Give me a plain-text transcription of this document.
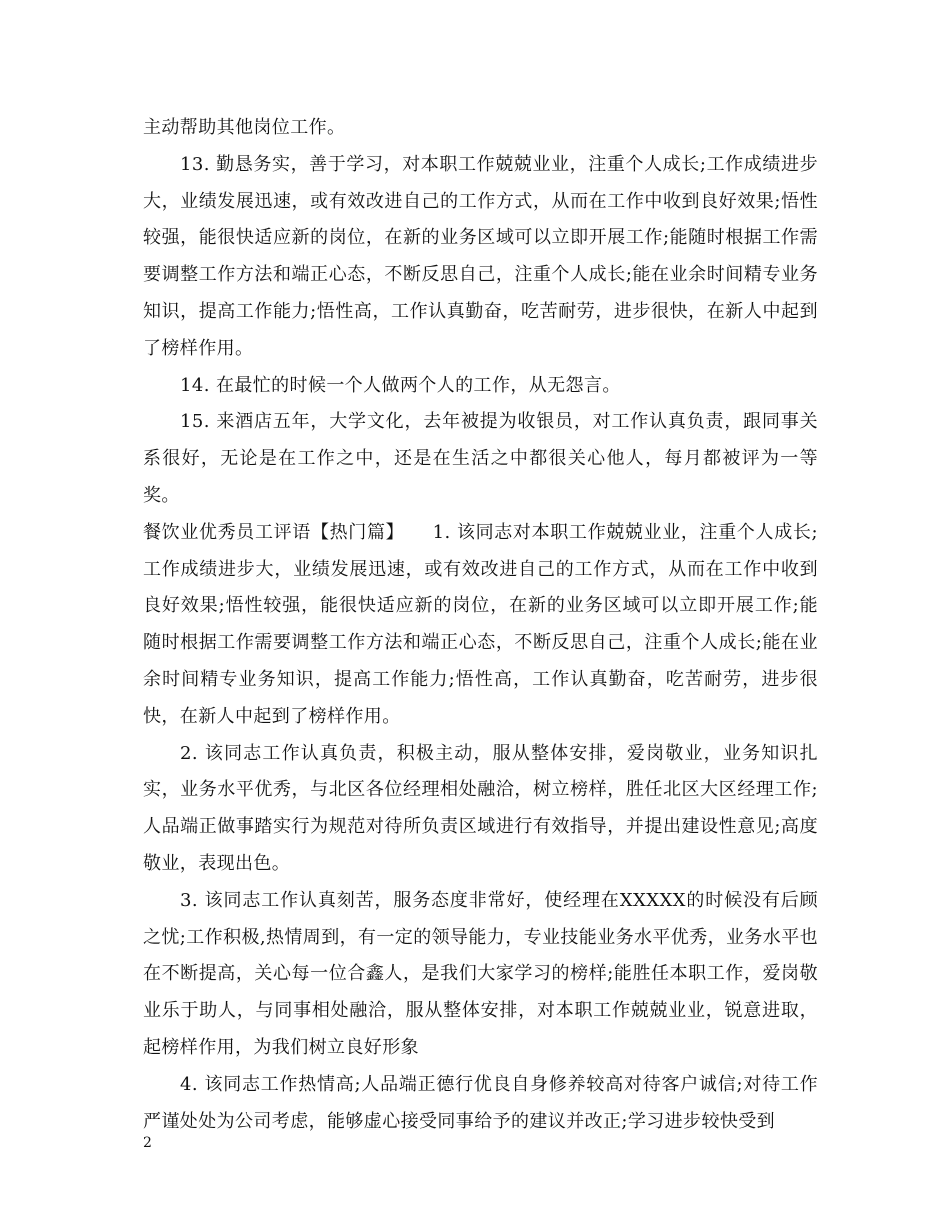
主动帮助其他岗位工作。

13. 勤恳务实，善于学习，对本职工作兢兢业业，注重个人成长;工作成绩进步大，业绩发展迅速，或有效改进自己的工作方式，从而在工作中收到良好效果;悟性较强，能很快适应新的岗位，在新的业务区域可以立即开展工作;能随时根据工作需要调整工作方法和端正心态，不断反思自己，注重个人成长;能在业余时间精专业务知识，提高工作能力;悟性高，工作认真勤奋，吃苦耐劳，进步很快，在新人中起到了榜样作用。

14. 在最忙的时候一个人做两个人的工作，从无怨言。

15. 来酒店五年，大学文化，去年被提为收银员，对工作认真负责，跟同事关系很好，无论是在工作之中，还是在生活之中都很关心他人，每月都被评为一等奖。

餐饮业优秀员工评语【热门篇】　　1. 该同志对本职工作兢兢业业，注重个人成长;工作成绩进步大，业绩发展迅速，或有效改进自己的工作方式，从而在工作中收到良好效果;悟性较强，能很快适应新的岗位，在新的业务区域可以立即开展工作;能随时根据工作需要调整工作方法和端正心态，不断反思自己，注重个人成长;能在业余时间精专业务知识，提高工作能力;悟性高，工作认真勤奋，吃苦耐劳，进步很快，在新人中起到了榜样作用。

2. 该同志工作认真负责，积极主动，服从整体安排，爱岗敬业，业务知识扎实，业务水平优秀，与北区各位经理相处融洽，树立榜样，胜任北区大区经理工作;人品端正做事踏实行为规范对待所负责区域进行有效指导，并提出建设性意见;高度敬业，表现出色。

3. 该同志工作认真刻苦，服务态度非常好，使经理在XXXXX的时候没有后顾之忧;工作积极,热情周到，有一定的领导能力，专业技能业务水平优秀，业务水平也在不断提高，关心每一位合鑫人，是我们大家学习的榜样;能胜任本职工作，爱岗敬业乐于助人，与同事相处融洽，服从整体安排，对本职工作兢兢业业，锐意进取，起榜样作用，为我们树立良好形象

4. 该同志工作热情高;人品端正德行优良自身修养较高对待客户诚信;对待工作严谨处处为公司考虑，能够虚心接受同事给予的建议并改正;学习进步较快受到

2
